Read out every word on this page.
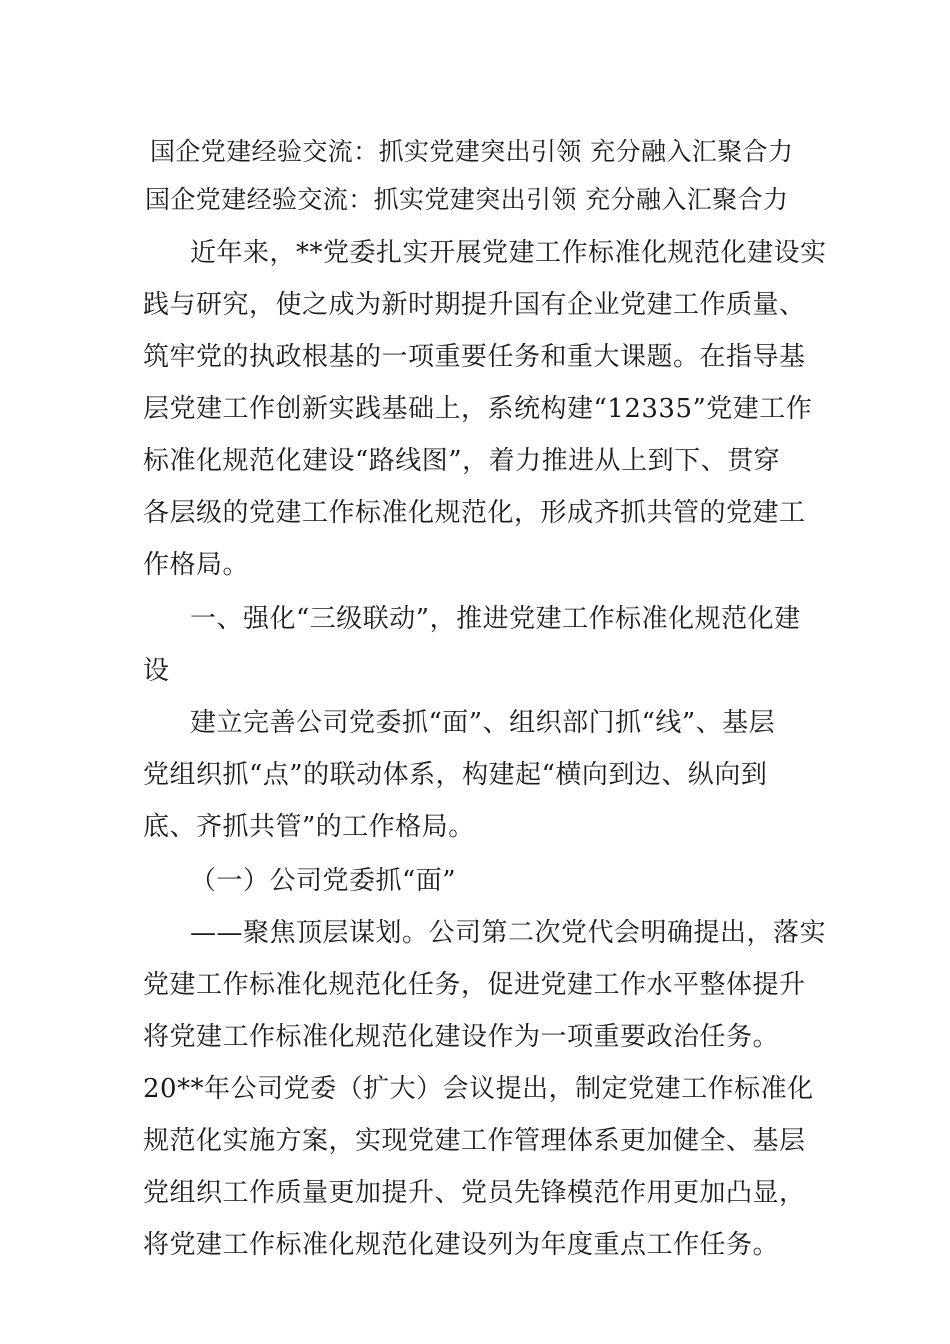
国企党建经验交流：抓实党建突出引领 充分融入汇聚合力
国企党建经验交流：抓实党建突出引领 充分融入汇聚合力
近年来，**党委扎实开展党建工作标准化规范化建设实
践与研究，使之成为新时期提升国有企业党建工作质量、
筑牢党的执政根基的一项重要任务和重大课题。在指导基
层党建工作创新实践基础上，系统构建“12335”党建工作
标准化规范化建设“路线图”，着力推进从上到下、贯穿
各层级的党建工作标准化规范化，形成齐抓共管的党建工
作格局。
一、强化“三级联动”，推进党建工作标准化规范化建
设
建立完善公司党委抓“面”、组织部门抓“线”、基层
党组织抓“点”的联动体系，构建起“横向到边、纵向到
底、齐抓共管”的工作格局。
（一）公司党委抓“面”
——聚焦顶层谋划。公司第二次党代会明确提出，落实
党建工作标准化规范化任务，促进党建工作水平整体提升
将党建工作标准化规范化建设作为一项重要政治任务。
20**年公司党委（扩大）会议提出，制定党建工作标准化
规范化实施方案，实现党建工作管理体系更加健全、基层
党组织工作质量更加提升、党员先锋模范作用更加凸显，
将党建工作标准化规范化建设列为年度重点工作任务。
